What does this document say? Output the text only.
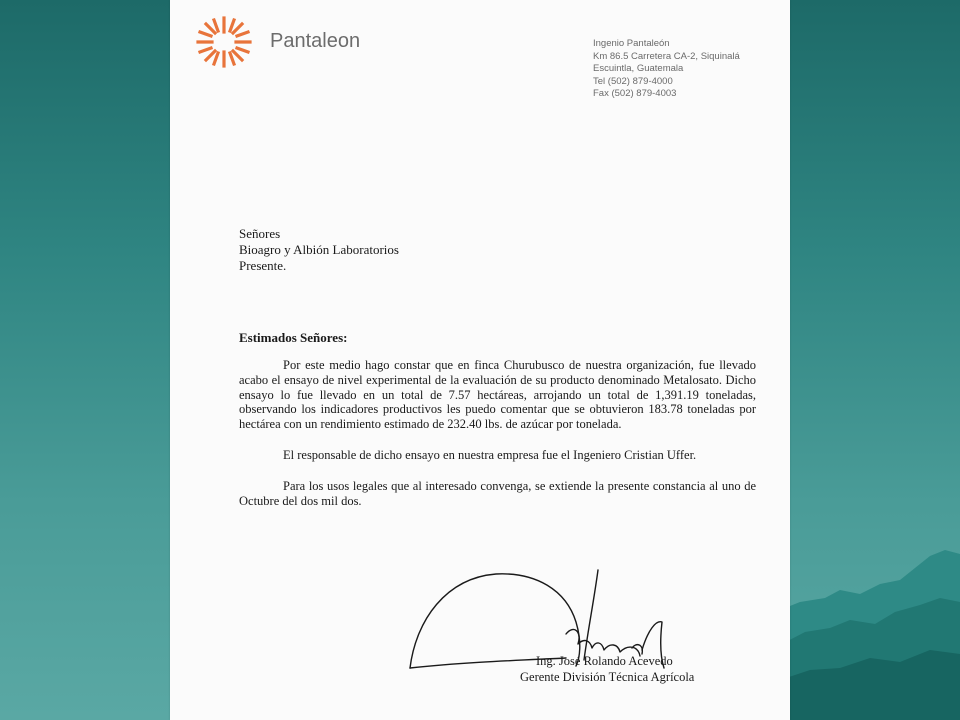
Pantaleon	Ingenio Pantaleón
Km 86.5 Carretera CA-2, Siquinalá
Escuintla, Guatemala
Tel (502) 879-4000
Fax (502) 879-4003
Señores
Bioagro y Albión Laboratorios
Presente.
Estimados Señores:

Por este medio hago constar que en finca Churubusco de nuestra organización, fue llevado acabo el ensayo de nivel experimental de la evaluación de su producto denominado Metalosato. Dicho ensayo lo fue llevado en un total de 7.57 hectáreas, arrojando un total de 1,391.19 toneladas, observando los indicadores productivos les puedo comentar que se obtuvieron 183.78 toneladas por hectárea con un rendimiento estimado de 232.40 lbs. de azúcar por tonelada.

El responsable de dicho ensayo en nuestra empresa fue el Ingeniero Cristian Uffer.

Para los usos legales que al interesado convenga, se extiende la presente constancia al uno de Octubre del dos mil dos.

Ing. José Rolando Acevedo
Gerente División Técnica Agrícola
